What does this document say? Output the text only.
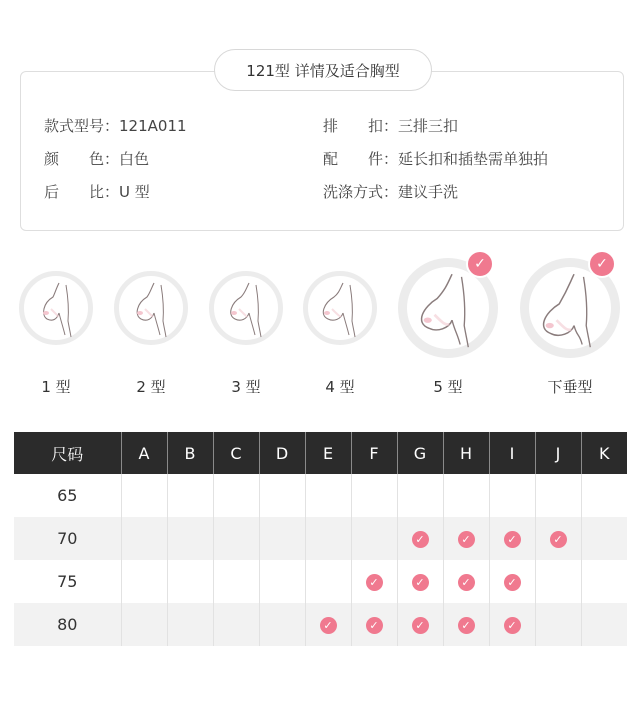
121型 详情及适合胸型
款式型号：121A011
颜色：白色
后比：U 型
排扣：三排三扣
配件：延长扣和插垫需单独拍
洗涤方式：建议手洗
1 型	2 型	3 型	4 型
✓
5 型
✓
下垂型
尺码	A	B	C	D	E	F	G	H	I	J	K
65											
70							✓	✓	✓	✓	
75						✓	✓	✓	✓		
80					✓	✓	✓	✓	✓		
